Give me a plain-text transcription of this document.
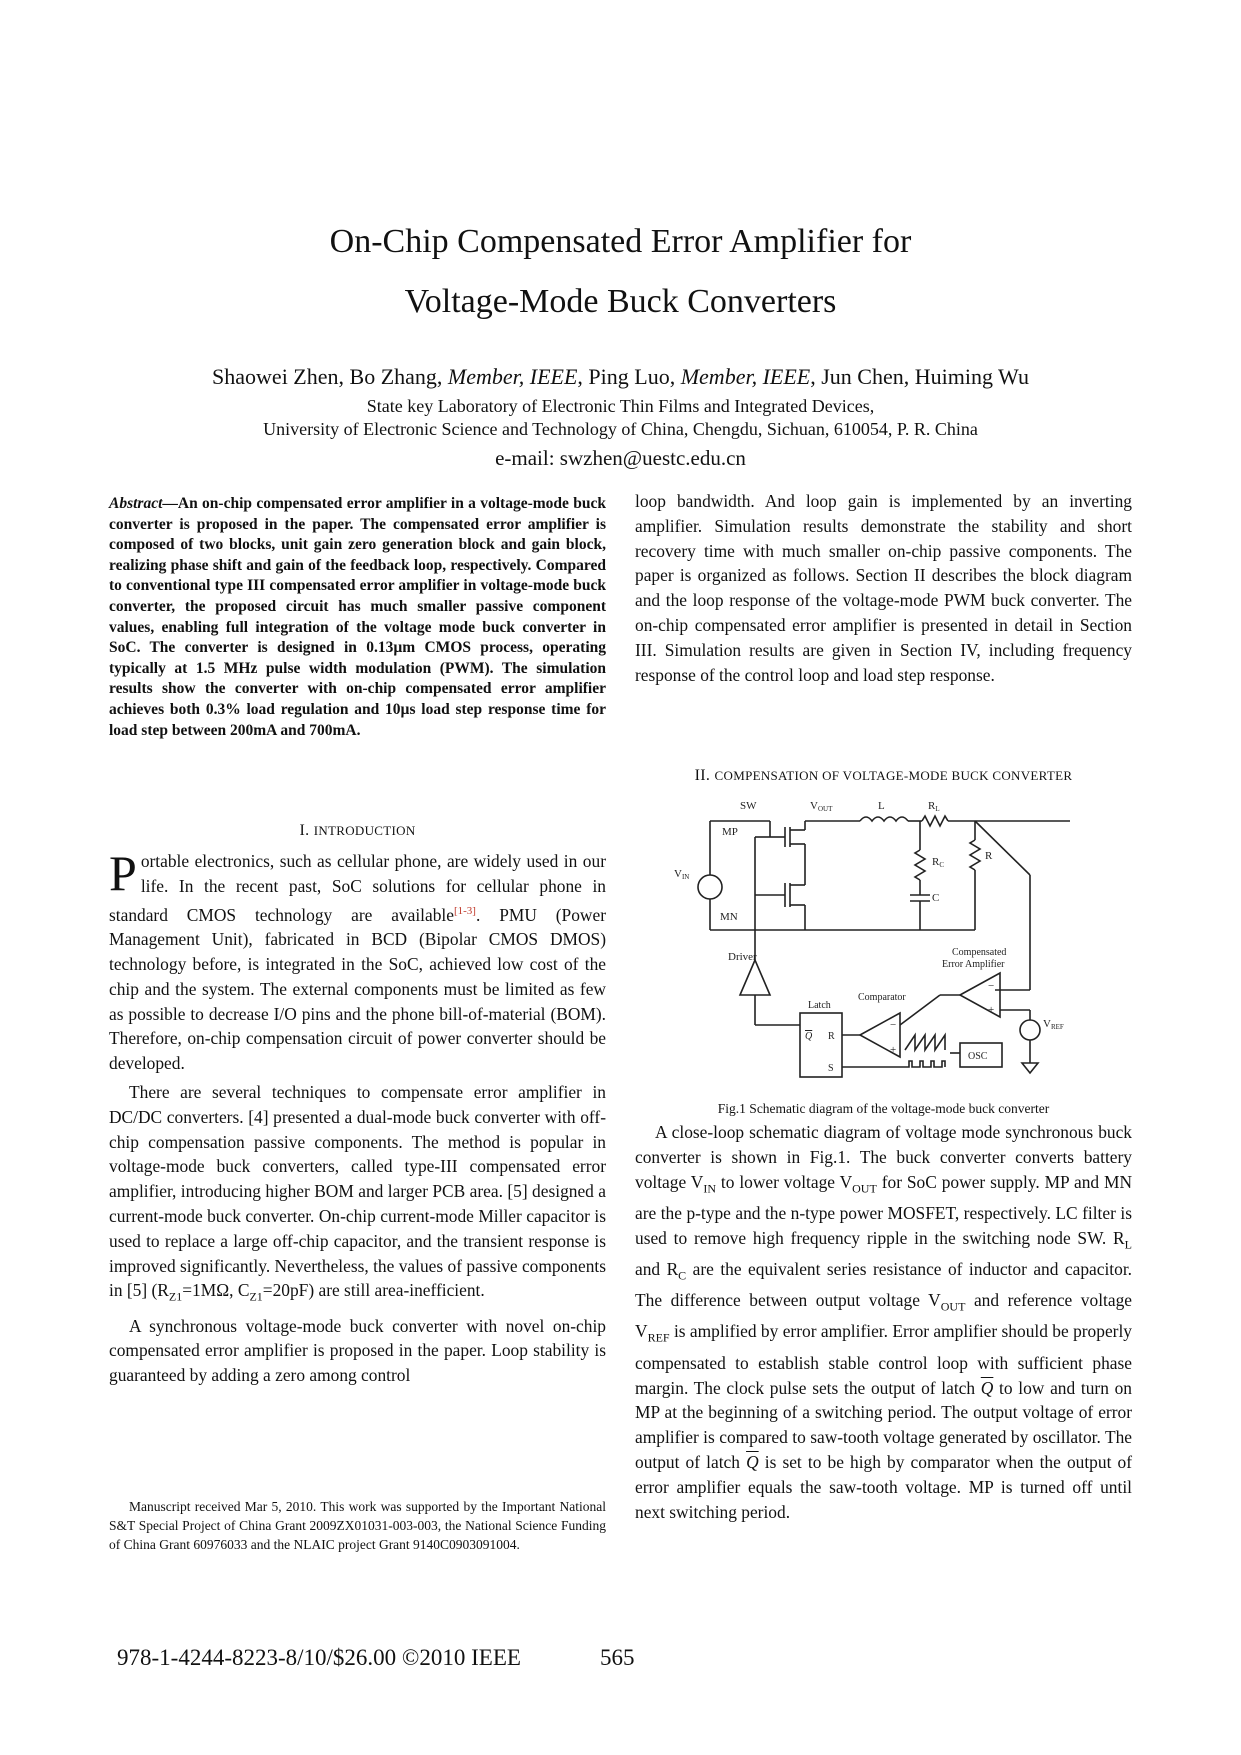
On-Chip Compensated Error Amplifier for
Voltage-Mode Buck Converters
Shaowei Zhen, Bo Zhang, Member, IEEE, Ping Luo, Member, IEEE, Jun Chen, Huiming Wu
State key Laboratory of Electronic Thin Films and Integrated Devices,
University of Electronic Science and Technology of China, Chengdu, Sichuan, 610054, P. R. China
e-mail: swzhen@uestc.edu.cn
Abstract—An on-chip compensated error amplifier in a voltage-mode buck converter is proposed in the paper. The compensated error amplifier is composed of two blocks, unit gain zero generation block and gain block, realizing phase shift and gain of the feedback loop, respectively. Compared to conventional type III compensated error amplifier in voltage-mode buck converter, the proposed circuit has much smaller passive component values, enabling full integration of the voltage mode buck converter in SoC. The converter is designed in 0.13µm CMOS process, operating typically at 1.5 MHz pulse width modulation (PWM). The simulation results show the converter with on-chip compensated error amplifier achieves both 0.3% load regulation and 10µs load step response time for load step between 200mA and 700mA.
I. INTRODUCTION

Portable electronics, such as cellular phone, are widely used in our life. In the recent past, SoC solutions for cellular phone in standard CMOS technology are available[1-3]. PMU (Power Management Unit), fabricated in BCD (Bipolar CMOS DMOS) technology before, is integrated in the SoC, achieved low cost of the chip and the system. The external components must be limited as few as possible to decrease I/O pins and the phone bill-of-material (BOM). Therefore, on-chip compensation circuit of power converter should be developed.

There are several techniques to compensate error amplifier in DC/DC converters. [4] presented a dual-mode buck converter with off-chip compensation passive components. The method is popular in voltage-mode buck converters, called type-III compensated error amplifier, introducing higher BOM and larger PCB area. [5] designed a current-mode buck converter. On-chip current-mode Miller capacitor is used to replace a large off-chip capacitor, and the transient response is improved significantly. Nevertheless, the values of passive components in [5] ($R_{Z1}=1M\Omega$, $C_{Z1}=20pF$) are still area-inefficient.

A synchronous voltage-mode buck converter with novel on-chip compensated error amplifier is proposed in the paper. Loop stability is guaranteed by adding a zero among control

Manuscript received Mar 5, 2010. This work was supported by the Important National S&T Special Project of China Grant 2009ZX01031-003-003, the National Science Funding of China Grant 60976033 and the NLAIC project Grant 9140C0903091004.

loop bandwidth. And loop gain is implemented by an inverting amplifier. Simulation results demonstrate the stability and short recovery time with much smaller on-chip passive components. The paper is organized as follows. Section II describes the block diagram and the loop response of the voltage-mode PWM buck converter. The on-chip compensated error amplifier is presented in detail in Section III. Simulation results are given in Section IV, including frequency response of the control loop and load step response.

II. COMPENSATION OF VOLTAGE-MODE BUCK CONVERTER
SW	VOUT
MP
MN
L	RL
RC
C
R
VIN
Driver	Compensated
Error Amplifier
Comparator
Latch
Q R
S
OSC
VREF
−
+
−
+
Fig.1 Schematic diagram of the voltage-mode buck converter

A close-loop schematic diagram of voltage mode synchronous buck converter is shown in Fig.1. The buck converter converts battery voltage $V_{IN}$ to lower voltage $V_{OUT}$ for SoC power supply. MP and MN are the p-type and the n-type power MOSFET, respectively. LC filter is used to remove high frequency ripple in the switching node SW. $R_L$ and $R_C$ are the equivalent series resistance of inductor and capacitor. The difference between output voltage $V_{OUT}$ and reference voltage $V_{REF}$ is amplified by error amplifier. Error amplifier should be properly compensated to establish stable control loop with sufficient phase margin. The clock pulse sets the output of latch $\overline{Q}$ to low and turn on MP at the beginning of a switching period. The output voltage of error amplifier is compared to saw-tooth voltage generated by oscillator. The output of latch $\overline{Q}$ is set to be high by comparator when the output of error amplifier equals the saw-tooth voltage. MP is turned off until next switching period.

978-1-4244-8223-8/10/$26.00 ©2010 IEEE	565
